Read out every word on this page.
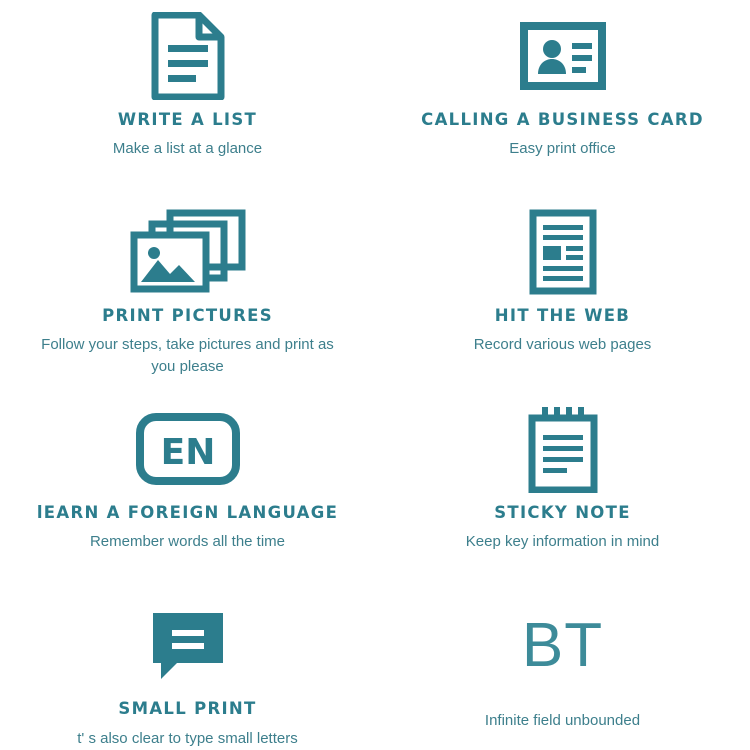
WRITE A LIST
Make a list at a glance
CALLING A BUSINESS CARD
Easy print office
PRINT PICTURES
Follow your steps, take pictures and print as you please
HIT THE WEB
Record various web pages
EN
lEARN A FOREIGN LANGUAGE
Remember words all the time
STICKY NOTE
Keep key information in mind
SMALL PRINT
t' s also clear to type small letters
BT
Infinite field unbounded
